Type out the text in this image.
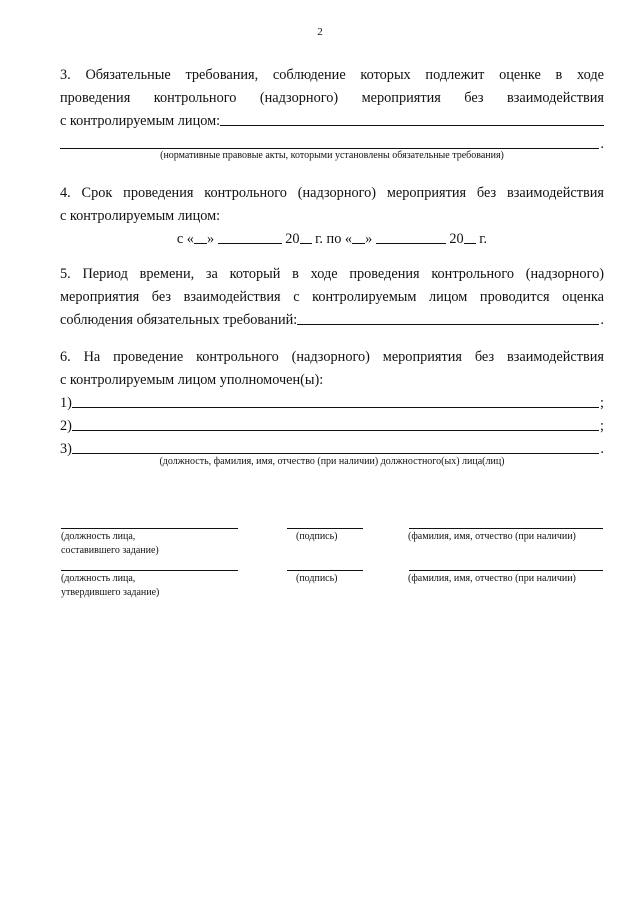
2
3. Обязательные требования, соблюдение которых подлежит оценке в ходе
проведения контрольного (надзорного) мероприятия без взаимодействия
с контролируемым лицом:
.
(нормативные правовые акты, которыми установлены обязательные требования)
4. Срок проведения контрольного (надзорного) мероприятия без взаимодействия
с контролируемым лицом:
с « »	20 г. по « »	20 г.
5. Период времени, за который в ходе проведения контрольного (надзорного)
мероприятия без взаимодействия с контролируемым лицом проводится оценка
соблюдения обязательных требований:	.
6. На проведение контрольного (надзорного) мероприятия без взаимодействия
с контролируемым лицом уполномочен(ы):
1)	;
2)	;
3)	.
(должность, фамилия, имя, отчество (при наличии) должностного(ых) лица(лиц)
(должность лица,
составившего задание)
(подпись)	(фамилия, имя, отчество (при наличии)
(должность лица,
утвердившего задание)
(подпись)	(фамилия, имя, отчество (при наличии)
